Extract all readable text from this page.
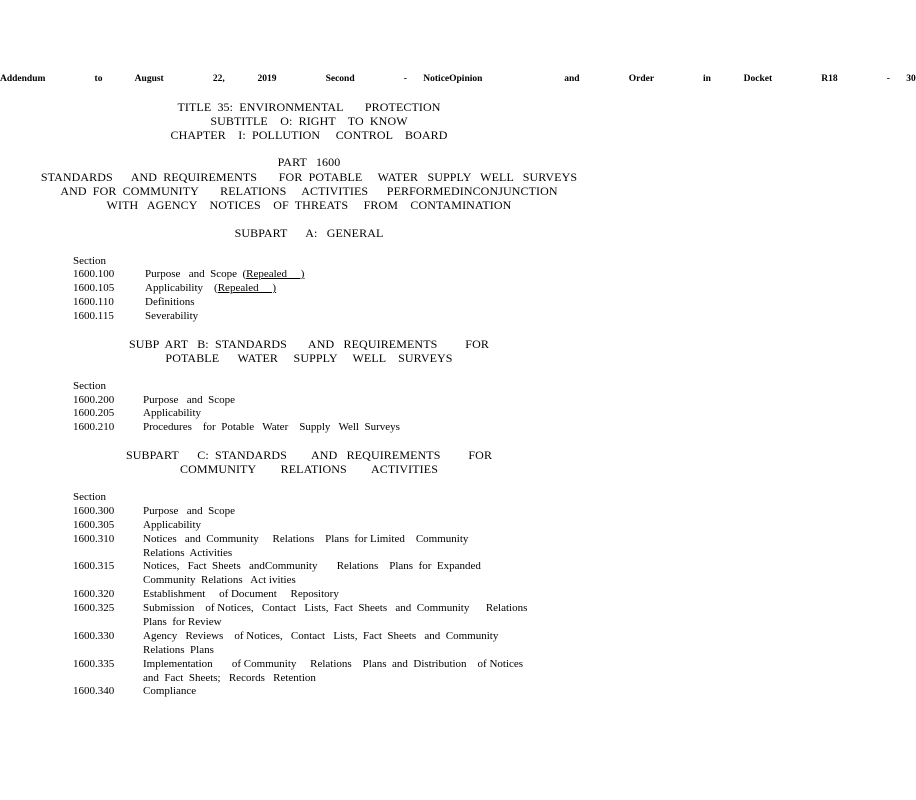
Addendum   to  August   22,  2019   Second   - NoticeOpinion     and   Order   in  Docket   R18   - 30
TITLE  35:  ENVIRONMENTAL       PROTECTION
SUBTITLE    O:  RIGHT    TO  KNOW
CHAPTER    I:  POLLUTION     CONTROL    BOARD
PART   1600
STANDARDS      AND  REQUIREMENTS       FOR  POTABLE     WATER   SUPPLY   WELL   SURVEYS
AND  FOR  COMMUNITY       RELATIONS     ACTIVITIES      PERFORMEDINCONJUNCTION
WITH   AGENCY    NOTICES    OF  THREATS     FROM    CONTAMINATION
SUBPART      A:   GENERAL
Section
1600.100	Purpose   and  Scope  (Repealed     )
1600.105	Applicability    (Repealed     )
1600.110	Definitions
1600.115	Severability
SUBP  ART   B:  STANDARDS       AND   REQUIREMENTS         FOR
POTABLE      WATER     SUPPLY     WELL    SURVEYS
Section
1600.200	Purpose   and  Scope
1600.205	Applicability
1600.210	Procedures    for  Potable   Water    Supply   Well  Surveys
SUBPART      C:  STANDARDS        AND   REQUIREMENTS         FOR
COMMUNITY        RELATIONS        ACTIVITIES
Section
1600.300	Purpose   and  Scope
1600.305	Applicability
1600.310	Notices   and  Community     Relations    Plans  for Limited    Community     Relations  Activities
1600.315	Notices,   Fact  Sheets   andCommunity       Relations    Plans  for  Expanded     Community  Relations   Act ivities
1600.320	Establishment     of Document     Repository
1600.325	Submission    of Notices,   Contact   Lists,  Fact  Sheets   and  Community      Relations    Plans  for Review
1600.330	Agency   Reviews    of Notices,   Contact   Lists,  Fact  Sheets   and  Community      Relations  Plans
1600.335	Implementation       of Community     Relations    Plans  and  Distribution    of Notices    and  Fact  Sheets;   Records   Retention
1600.340	Compliance
